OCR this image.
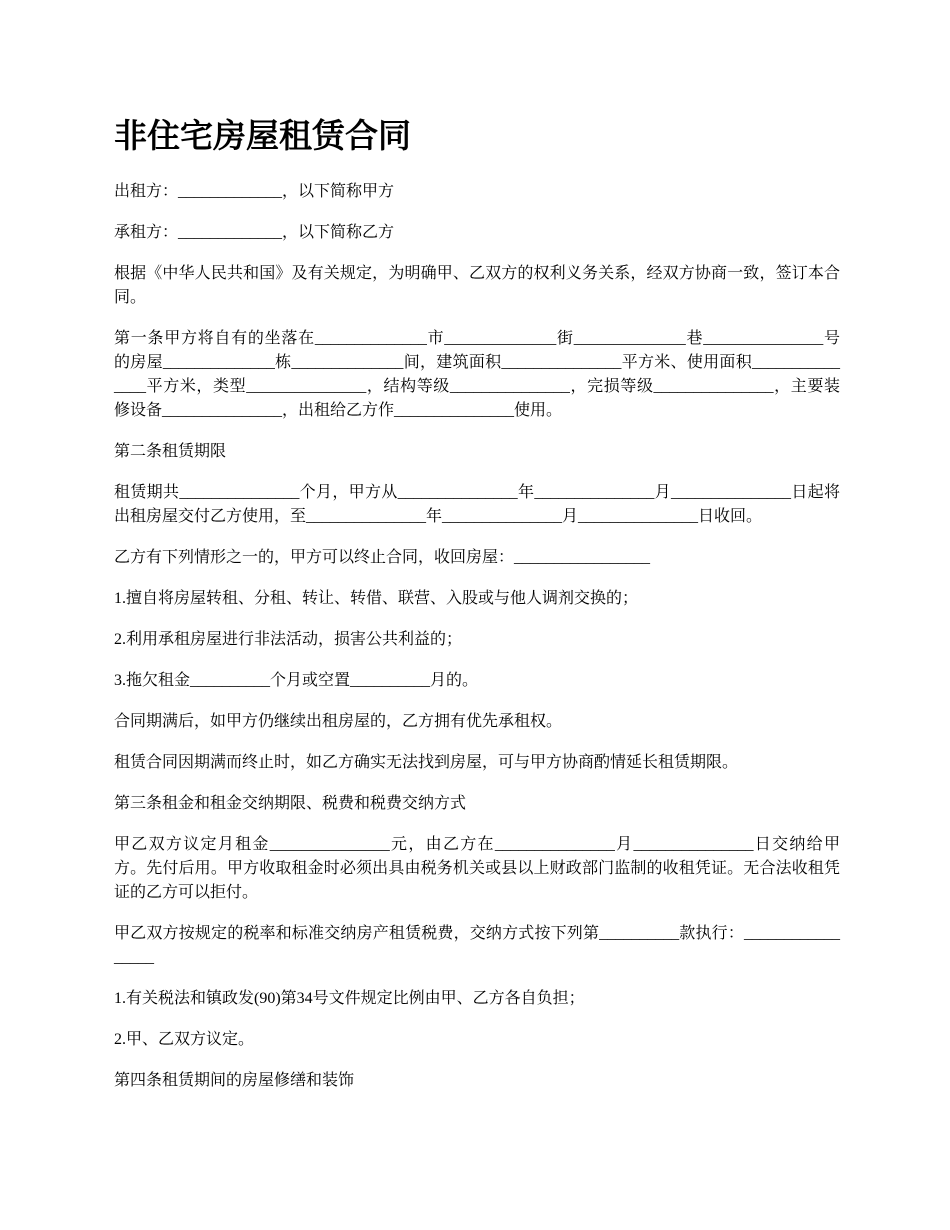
非住宅房屋租赁合同

出租方：_____________，以下简称甲方

承租方：_____________，以下简称乙方

根据《中华人民共和国》及有关规定，为明确甲、乙双方的权利义务关系，经双方协商一致，签订本合同。

第一条甲方将自有的坐落在______________市______________街______________巷_______________号的房屋______________栋______________间，建筑面积_______________平方米、使用面积_______________平方米，类型_______________，结构等级_______________，完损等级_______________，主要装修设备_______________，出租给乙方作_______________使用。

第二条租赁期限

租赁期共_______________个月，甲方从_______________年_______________月_______________日起将出租房屋交付乙方使用，至_______________年_______________月_______________日收回。

乙方有下列情形之一的，甲方可以终止合同，收回房屋：_________________

1.擅自将房屋转租、分租、转让、转借、联营、入股或与他人调剂交换的；

2.利用承租房屋进行非法活动，损害公共利益的；

3.拖欠租金__________个月或空置__________月的。

合同期满后，如甲方仍继续出租房屋的，乙方拥有优先承租权。

租赁合同因期满而终止时，如乙方确实无法找到房屋，可与甲方协商酌情延长租赁期限。

第三条租金和租金交纳期限、税费和税费交纳方式

甲乙双方议定月租金_______________元，由乙方在_______________月_______________日交纳给甲方。先付后用。甲方收取租金时必须出具由税务机关或县以上财政部门监制的收租凭证。无合法收租凭证的乙方可以拒付。

甲乙双方按规定的税率和标准交纳房产租赁税费，交纳方式按下列第__________款执行：_________________

1.有关税法和镇政发(90)第34号文件规定比例由甲、乙方各自负担；

2.甲、乙双方议定。

第四条租赁期间的房屋修缮和装饰
